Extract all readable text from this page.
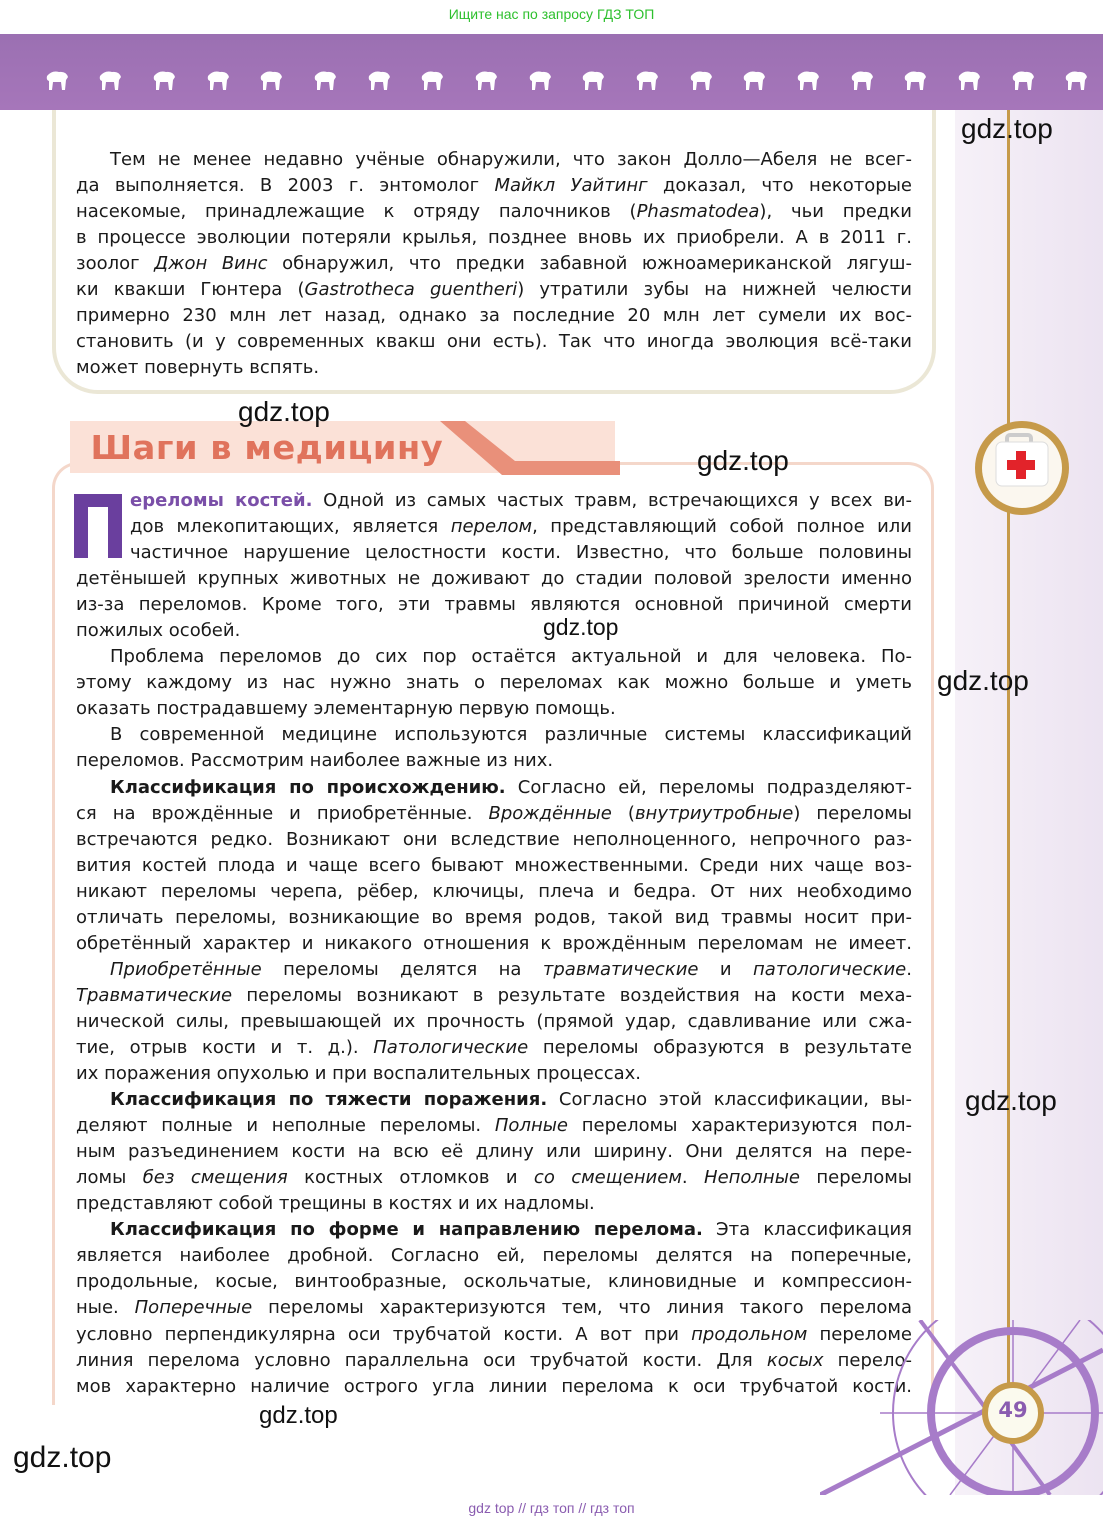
Ищите нас по запросу ГДЗ ТОП
Тем не менее недавно учёные обнаружили, что закон Долло—Абеля не всег-
да выполняется. В 2003 г. энтомолог Майкл Уайтинг доказал, что некоторые
насекомые, принадлежащие к отряду палочников (Phasmatodea), чьи предки
в процессе эволюции потеряли крылья, позднее вновь их приобрели. А в 2011 г.
зоолог Джон Винс обнаружил, что предки забавной южноамериканской лягуш-
ки квакши Гюнтера (Gastrotheca guentheri) утратили зубы на нижней челюсти
примерно 230 млн лет назад, однако за последние 20 млн лет сумели их вос-
становить (и у современных квакш они есть). Так что иногда эволюция всё-таки
может повернуть вспять.
Шаги в медицину
ереломы костей. Одной из самых частых травм, встречающихся у всех ви-
дов млекопитающих, является перелом, представляющий собой полное или
частичное нарушение целостности кости. Известно, что больше половины
детёнышей крупных животных не доживают до стадии половой зрелости именно
из-за переломов. Кроме того, эти травмы являются основной причиной смерти
пожилых особей.
Проблема переломов до сих пор остаётся актуальной и для человека. По-
этому каждому из нас нужно знать о переломах как можно больше и уметь
оказать пострадавшему элементарную первую помощь.
В современной медицине используются различные системы классификаций
переломов. Рассмотрим наиболее важные из них.
Классификация по происхождению. Согласно ей, переломы подразделяют-
ся на врождённые и приобретённые. Врождённые (внутриутробные) переломы
встречаются редко. Возникают они вследствие неполноценного, непрочного раз-
вития костей плода и чаще всего бывают множественными. Среди них чаще воз-
никают переломы черепа, рёбер, ключицы, плеча и бедра. От них необходимо
отличать переломы, возникающие во время родов, такой вид травмы носит при-
обретённый характер и никакого отношения к врождённым переломам не имеет.
Приобретённые переломы делятся на травматические и патологические.
Травматические переломы возникают в результате воздействия на кости меха-
нической силы, превышающей их прочность (прямой удар, сдавливание или сжа-
тие, отрыв кости и т. д.). Патологические переломы образуются в результате
их поражения опухолью и при воспалительных процессах.
Классификация по тяжести поражения. Согласно этой классификации, вы-
деляют полные и неполные переломы. Полные переломы характеризуются пол-
ным разъединением кости на всю её длину или ширину. Они делятся на пере-
ломы без смещения костных отломков и со смещением. Неполные переломы
представляют собой трещины в костях и их надломы.
Классификация по форме и направлению перелома. Эта классификация
является наиболее дробной. Согласно ей, переломы делятся на поперечные,
продольные, косые, винтообразные, оскольчатые, клиновидные и компрессион-
ные. Поперечные переломы характеризуются тем, что линия такого перелома
условно перпендикулярна оси трубчатой кости. А вот при продольном переломе
линия перелома условно параллельна оси трубчатой кости. Для косых перело-
мов характерно наличие острого угла линии перелома к оси трубчатой кости.
49
gdz.top
gdz.top
gdz.top
gdz.top
gdz.top
gdz.top
gdz.top
gdz.top
gdz top // гдз топ // гдз топ
